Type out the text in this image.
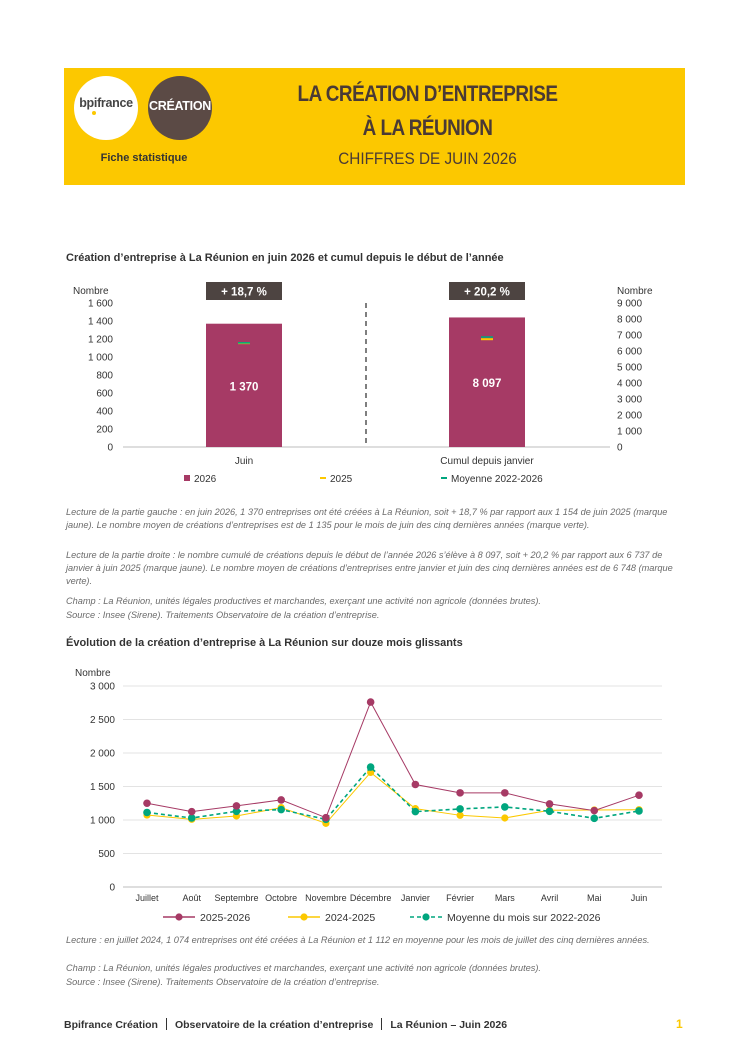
bpifrance	CRÉATION
Fiche statistique
LA CRÉATION D’ENTREPRISE
À LA RÉUNION
CHIFFRES DE JUIN 2026
Création d’entreprise à La Réunion en juin 2026 et cumul depuis le début de l’année
0
200
400
600
800
1 000
1 200
1 400
1 600
0
1 000
2 000
3 000
4 000
5 000
6 000
7 000
8 000
9 000
1 370
+ 18,7 %
Juin
8 097
+ 20,2 %
Cumul depuis janvier
Nombre	Nombre
2026	2025	Moyenne 2022-2026
Lecture de la partie gauche : en juin 2026, 1 370 entreprises ont été créées à La Réunion, soit + 18,7 % par rapport aux 1 154 de juin 2025 (marque jaune). Le nombre moyen de créations d’entreprises est de 1 135 pour le mois de juin des cinq dernières années (marque verte).
Lecture de la partie droite : le nombre cumulé de créations depuis le début de l’année 2026 s’élève à 8 097, soit + 20,2 % par rapport aux 6 737 de janvier à juin 2025 (marque jaune). Le nombre moyen de créations d’entreprises entre janvier et juin des cinq dernières années est de 6 748 (marque verte).
Champ : La Réunion, unités légales productives et marchandes, exerçant une activité non agricole (données brutes).
Source : Insee (Sirene). Traitements Observatoire de la création d’entreprise.
Évolution de la création d’entreprise à La Réunion sur douze mois glissants
Nombre
0
500
1 000
1 500
2 000
2 500
3 000
Juillet	Août Septembre Octobre Novembre Décembre Janvier Février Mars	Avril	Mai	Juin
2025-2026	2024-2025	Moyenne du mois sur 2022-2026
Lecture : en juillet 2024, 1 074 entreprises ont été créées à La Réunion et 1 112 en moyenne pour les mois de juillet des cinq dernières années.
Champ : La Réunion, unités légales productives et marchandes, exerçant une activité non agricole (données brutes).
Source : Insee (Sirene). Traitements Observatoire de la création d’entreprise.
Bpifrance Création Observatoire de la création d’entreprise La Réunion – Juin 2026	1
